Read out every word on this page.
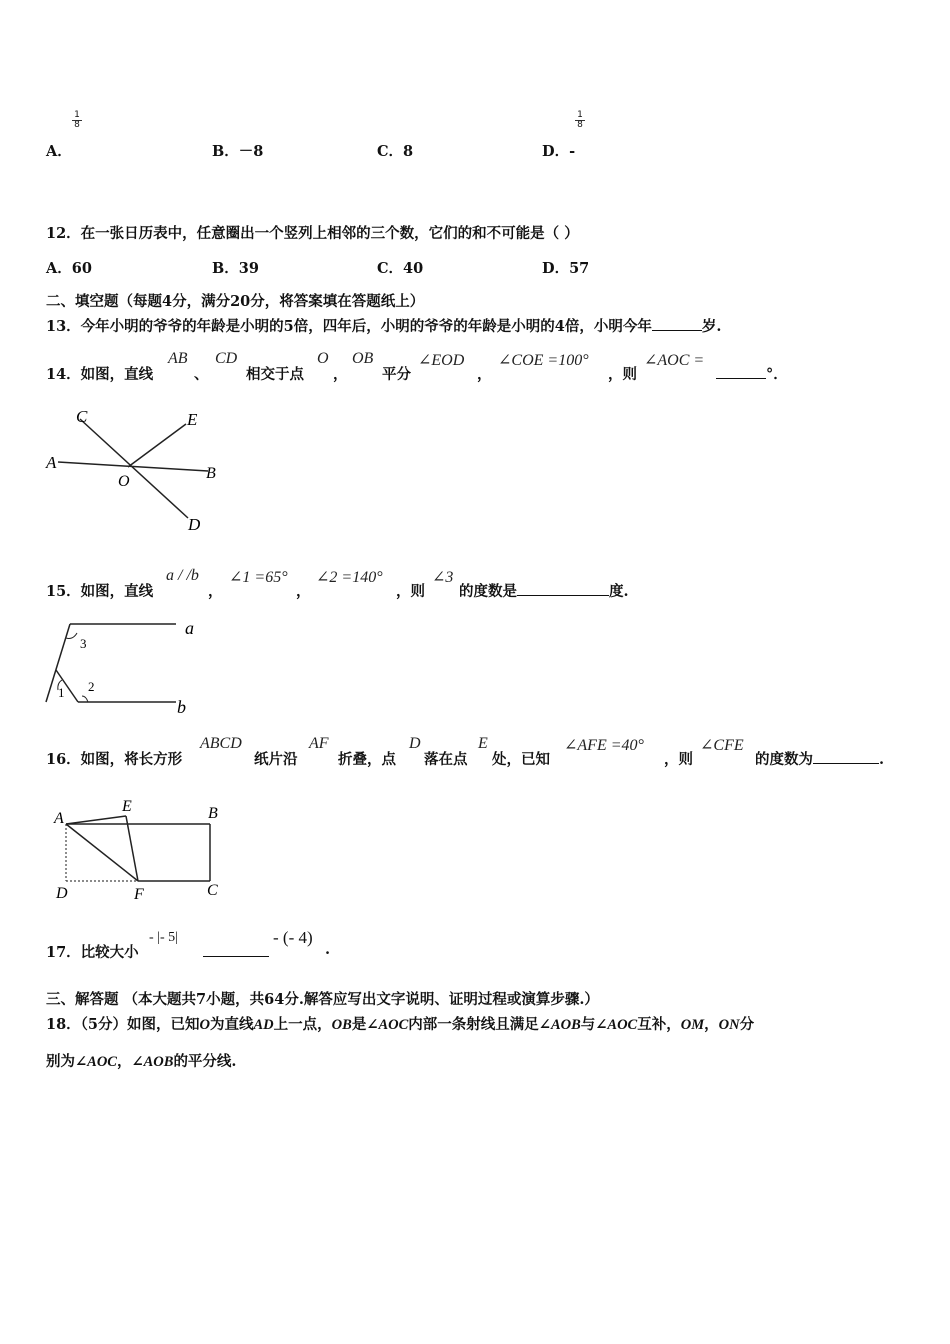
A．
$\frac{1}{8}$
B．－8	C．8	D．-
$\frac{1}{8}$
12．在一张日历表中，任意圈出一个竖列上相邻的三个数，它们的和不可能是（ ）
A．60	B．39	C．40	D．57
二、填空题（每题4分，满分20分，将答案填在答题纸上）
13．今年小明的爷爷的年龄是小明的5倍，四年后，小明的爷爷的年龄是小明的4倍，小明今年	岁.
14．如图，直线
AB
、
CD
相交于点
O
，
OB
平分
∠EOD
，
∠COE =100°
，则
∠AOC =
°．
C	E
A
B
O
D
15．如图，直线
a / /b
，
∠1 =65°
，
∠2 =140°
，则
∠3
的度数是	度.
a
b
1 2
3
16．如图，将长方形
ABCD
纸片沿
AF
折叠，点
D
落在点
E
处，已知
∠AFE =40°
，则
∠CFE
的度数为	.
A
E	B
D	F	C
17．比较大小
- |- 5|	- (- 4)
.
三、解答题 （本大题共7小题，共64分.解答应写出文字说明、证明过程或演算步骤.）
18．（5分）如图，已知O为直线AD上一点，OB是∠AOC内部一条射线且满足∠AOB与∠AOC互补，OM，ON分
别为∠AOC，∠AOB的平分线.
